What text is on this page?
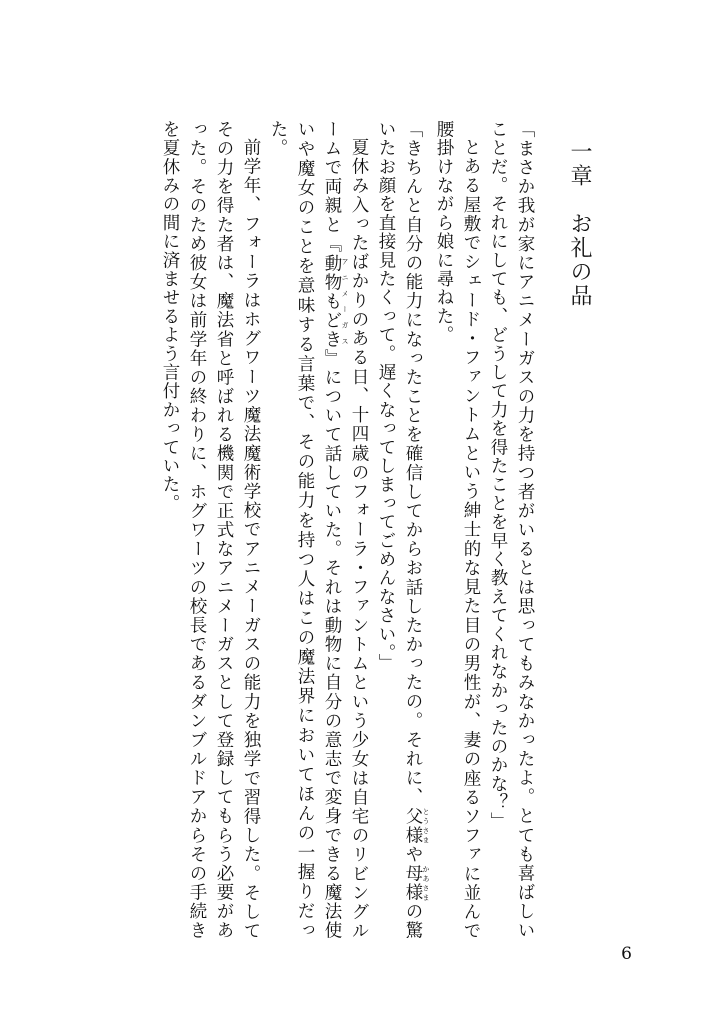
一章　お礼の品

「まさか我が家にアニメーガスの力を持つ者がいるとは思ってもみなかったよ。とても喜ばしいことだ。それにしても、どうして力を得たことを早く教えてくれなかったのかな？」

とある屋敷でシェード・ファントムという紳士的な見た目の男性が、妻の座るソファに並んで腰掛けながら娘に尋ねた。

「きちんと自分の能力になったことを確信してからお話したかったの。それに、父様 とうさまや母様 かあさまの驚いたお顔を直接見たくって。遅くなってしまってごめんなさい。」

夏休み入ったばかりのある日、十四歳のフォーラ・ファントムという少女は自宅のリビングルームで両親と『動物もどき アニメーガス』について話していた。それは動物に自分の意志で変身できる魔法使いや魔女のことを意味する言葉で、その能力を持つ人はこの魔法界においてほんの一握りだった。

前学年、フォーラはホグワーツ魔法魔術学校でアニメーガスの能力を独学で習得した。そしてその力を得た者は、魔法省と呼ばれる機関で正式なアニメーガスとして登録してもらう必要があった。そのため彼女は前学年の終わりに、ホグワーツの校長であるダンブルドアからその手続きを夏休みの間に済ませるよう言付かっていた。

6
